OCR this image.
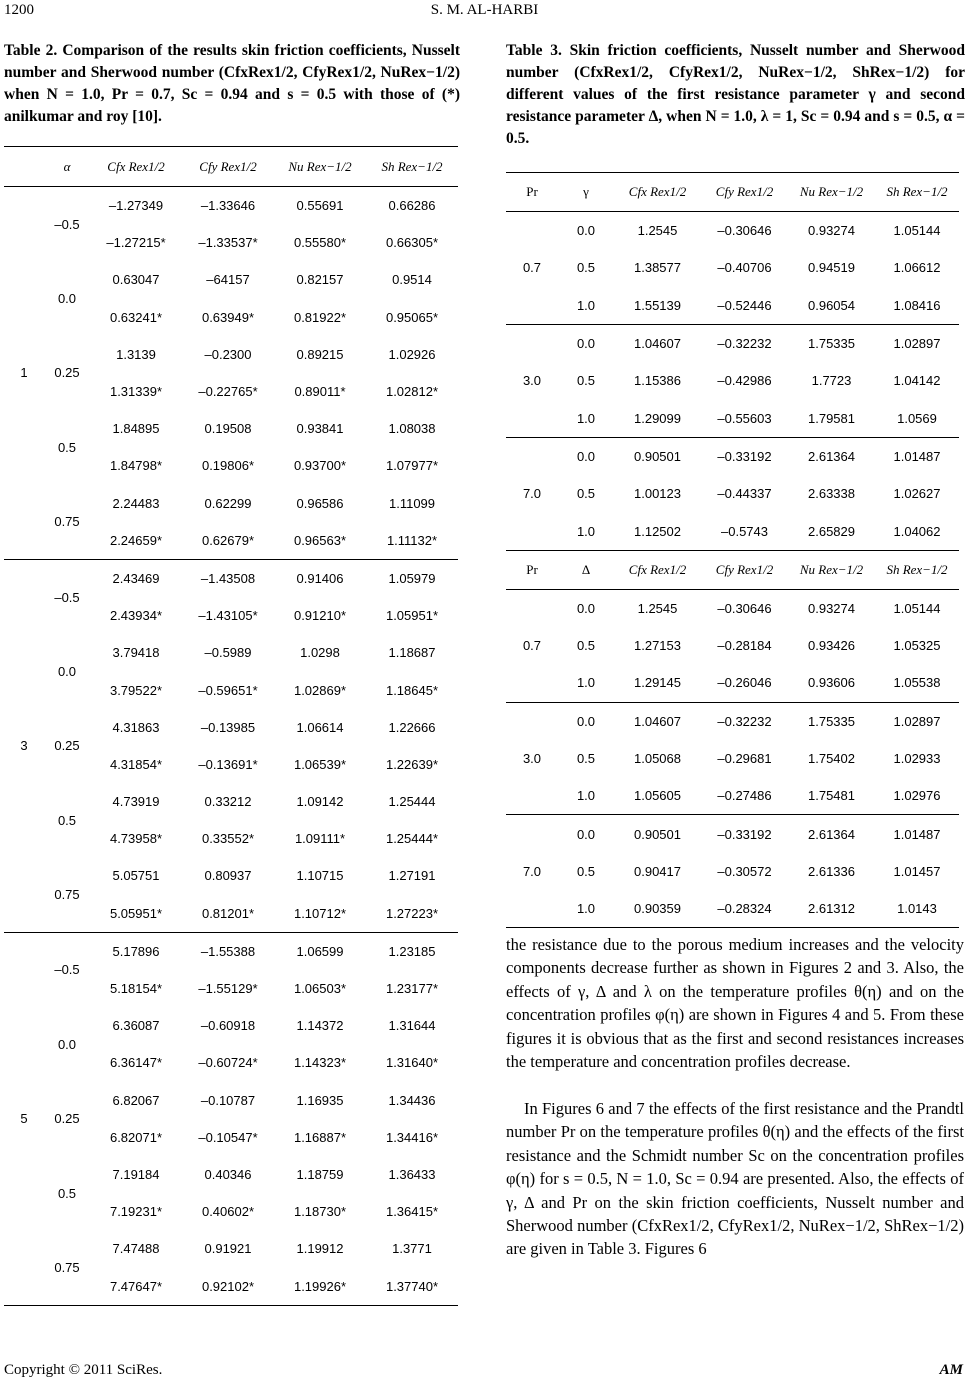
1200	S. M. AL-HARBI
Table 2. Comparison of the results skin friction coefficients, Nusselt number and Sherwood number (CfxRex1/2, CfyRex1/2, NuRex−1/2) when N = 1.0, Pr = 0.7, Sc = 0.94 and s = 0.5 with those of (*) anilkumar and roy [10].
Table 3. Skin friction coefficients, Nusselt number and Sherwood number (CfxRex1/2, CfyRex1/2, NuRex−1/2, ShRex−1/2) for different values of the first resistance parameter γ and second resistance parameter Δ, when N = 1.0, λ = 1, Sc = 0.94 and s = 0.5, α = 0.5.
	α	Cfx Rex1/2	Cfy Rex1/2	Nu Rex−1/2	Sh Rex−1/2
1	–0.5	–1.27349	–1.33646	0.55691	0.66286
		–1.27215*	–1.33537*	0.55580*	0.66305*
	0.0	0.63047	–64157	0.82157	0.9514
		0.63241*	0.63949*	0.81922*	0.95065*
	0.25	1.3139	–0.2300	0.89215	1.02926
		1.31339*	–0.22765*	0.89011*	1.02812*
	0.5	1.84895	0.19508	0.93841	1.08038
		1.84798*	0.19806*	0.93700*	1.07977*
	0.75	2.24483	0.62299	0.96586	1.11099
		2.24659*	0.62679*	0.96563*	1.11132*
3	–0.5	2.43469	–1.43508	0.91406	1.05979
		2.43934*	–1.43105*	0.91210*	1.05951*
	0.0	3.79418	–0.5989	1.0298	1.18687
		3.79522*	–0.59651*	1.02869*	1.18645*
	0.25	4.31863	–0.13985	1.06614	1.22666
		4.31854*	–0.13691*	1.06539*	1.22639*
	0.5	4.73919	0.33212	1.09142	1.25444
		4.73958*	0.33552*	1.09111*	1.25444*
	0.75	5.05751	0.80937	1.10715	1.27191
		5.05951*	0.81201*	1.10712*	1.27223*
5	–0.5	5.17896	–1.55388	1.06599	1.23185
		5.18154*	–1.55129*	1.06503*	1.23177*
	0.0	6.36087	–0.60918	1.14372	1.31644
		6.36147*	–0.60724*	1.14323*	1.31640*
	0.25	6.82067	–0.10787	1.16935	1.34436
		6.82071*	–0.10547*	1.16887*	1.34416*
	0.5	7.19184	0.40346	1.18759	1.36433
		7.19231*	0.40602*	1.18730*	1.36415*
	0.75	7.47488	0.91921	1.19912	1.3771
		7.47647*	0.92102*	1.19926*	1.37740*
Pr	γ	Cfx Rex1/2	Cfy Rex1/2	Nu Rex−1/2	Sh Rex−1/2
0.7	0.0	1.2545	–0.30646	0.93274	1.05144
	0.5	1.38577	–0.40706	0.94519	1.06612
	1.0	1.55139	–0.52446	0.96054	1.08416
3.0	0.0	1.04607	–0.32232	1.75335	1.02897
	0.5	1.15386	–0.42986	1.7723	1.04142
	1.0	1.29099	–0.55603	1.79581	1.0569
7.0	0.0	0.90501	–0.33192	2.61364	1.01487
	0.5	1.00123	–0.44337	2.63338	1.02627
	1.0	1.12502	–0.5743	2.65829	1.04062
Pr	Δ	Cfx Rex1/2	Cfy Rex1/2	Nu Rex−1/2	Sh Rex−1/2
0.7	0.0	1.2545	–0.30646	0.93274	1.05144
	0.5	1.27153	–0.28184	0.93426	1.05325
	1.0	1.29145	–0.26046	0.93606	1.05538
3.0	0.0	1.04607	–0.32232	1.75335	1.02897
	0.5	1.05068	–0.29681	1.75402	1.02933
	1.0	1.05605	–0.27486	1.75481	1.02976
7.0	0.0	0.90501	–0.33192	2.61364	1.01487
	0.5	0.90417	–0.30572	2.61336	1.01457
	1.0	0.90359	–0.28324	2.61312	1.0143
the resistance due to the porous medium increases and the velocity components decrease further as shown in Figures 2 and 3. Also, the effects of γ, Δ and λ on the temperature profiles θ(η) and on the concentration profiles φ(η) are shown in Figures 4 and 5. From these figures it is obvious that as the first and second resistances increases the temperature and concentration profiles decrease.
In Figures 6 and 7 the effects of the first resistance and the Prandtl number Pr on the temperature profiles θ(η) and the effects of the first resistance and the Schmidt number Sc on the concentration profiles φ(η) for s = 0.5, N = 1.0, Sc = 0.94 are presented. Also, the effects of γ, Δ and Pr on the skin friction coefficients, Nusselt number and Sherwood number (CfxRex1/2, CfyRex1/2, NuRex−1/2, ShRex−1/2) are given in Table 3. Figures 6
Copyright © 2011 SciRes.	AM
